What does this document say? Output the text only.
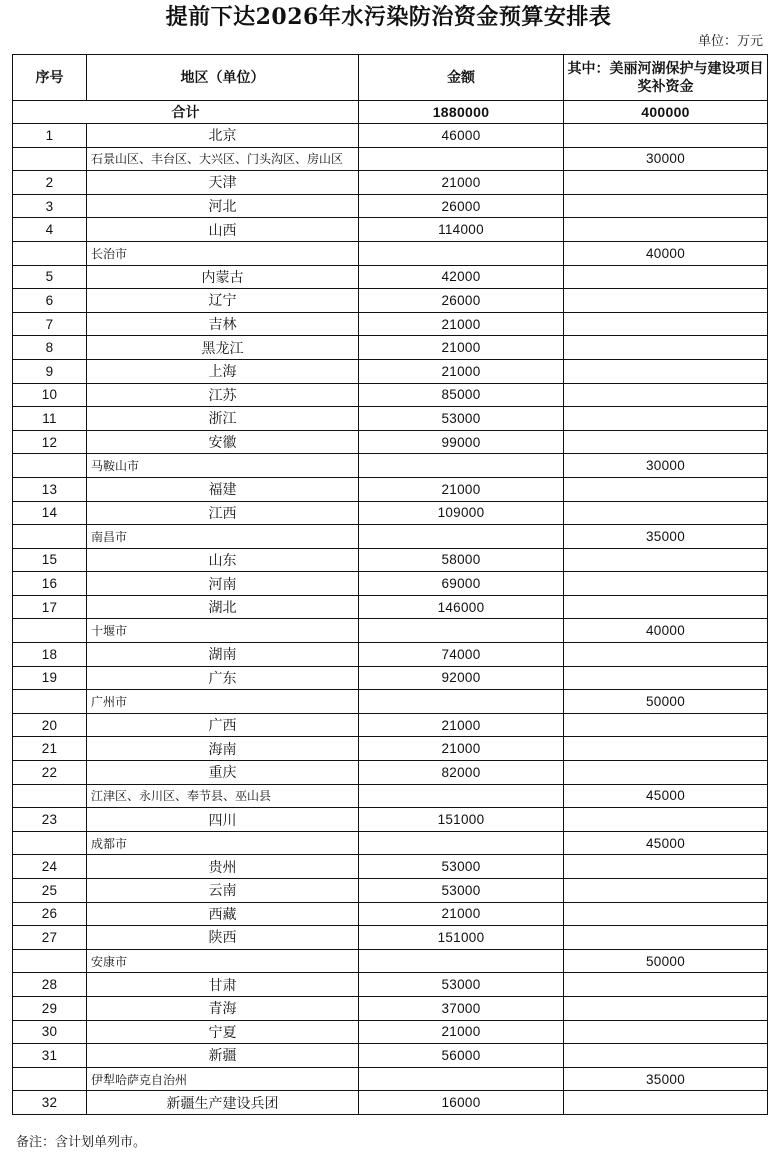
提前下达2026年水污染防治资金预算安排表
单位：万元
序号	地区（单位）	金额	其中：美丽河湖保护与建设项目奖补资金
合计		1880000	400000
1	北京	46000	
	石景山区、丰台区、大兴区、门头沟区、房山区		30000
2	天津	21000	
3	河北	26000	
4	山西	114000	
	长治市		40000
5	内蒙古	42000	
6	辽宁	26000	
7	吉林	21000	
8	黑龙江	21000	
9	上海	21000	
10	江苏	85000	
11	浙江	53000	
12	安徽	99000	
	马鞍山市		30000
13	福建	21000	
14	江西	109000	
	南昌市		35000
15	山东	58000	
16	河南	69000	
17	湖北	146000	
	十堰市		40000
18	湖南	74000	
19	广东	92000	
	广州市		50000
20	广西	21000	
21	海南	21000	
22	重庆	82000	
	江津区、永川区、奉节县、巫山县		45000
23	四川	151000	
	成都市		45000
24	贵州	53000	
25	云南	53000	
26	西藏	21000	
27	陕西	151000	
	安康市		50000
28	甘肃	53000	
29	青海	37000	
30	宁夏	21000	
31	新疆	56000	
	伊犁哈萨克自治州		35000
32	新疆生产建设兵团	16000	
备注：含计划单列市。
